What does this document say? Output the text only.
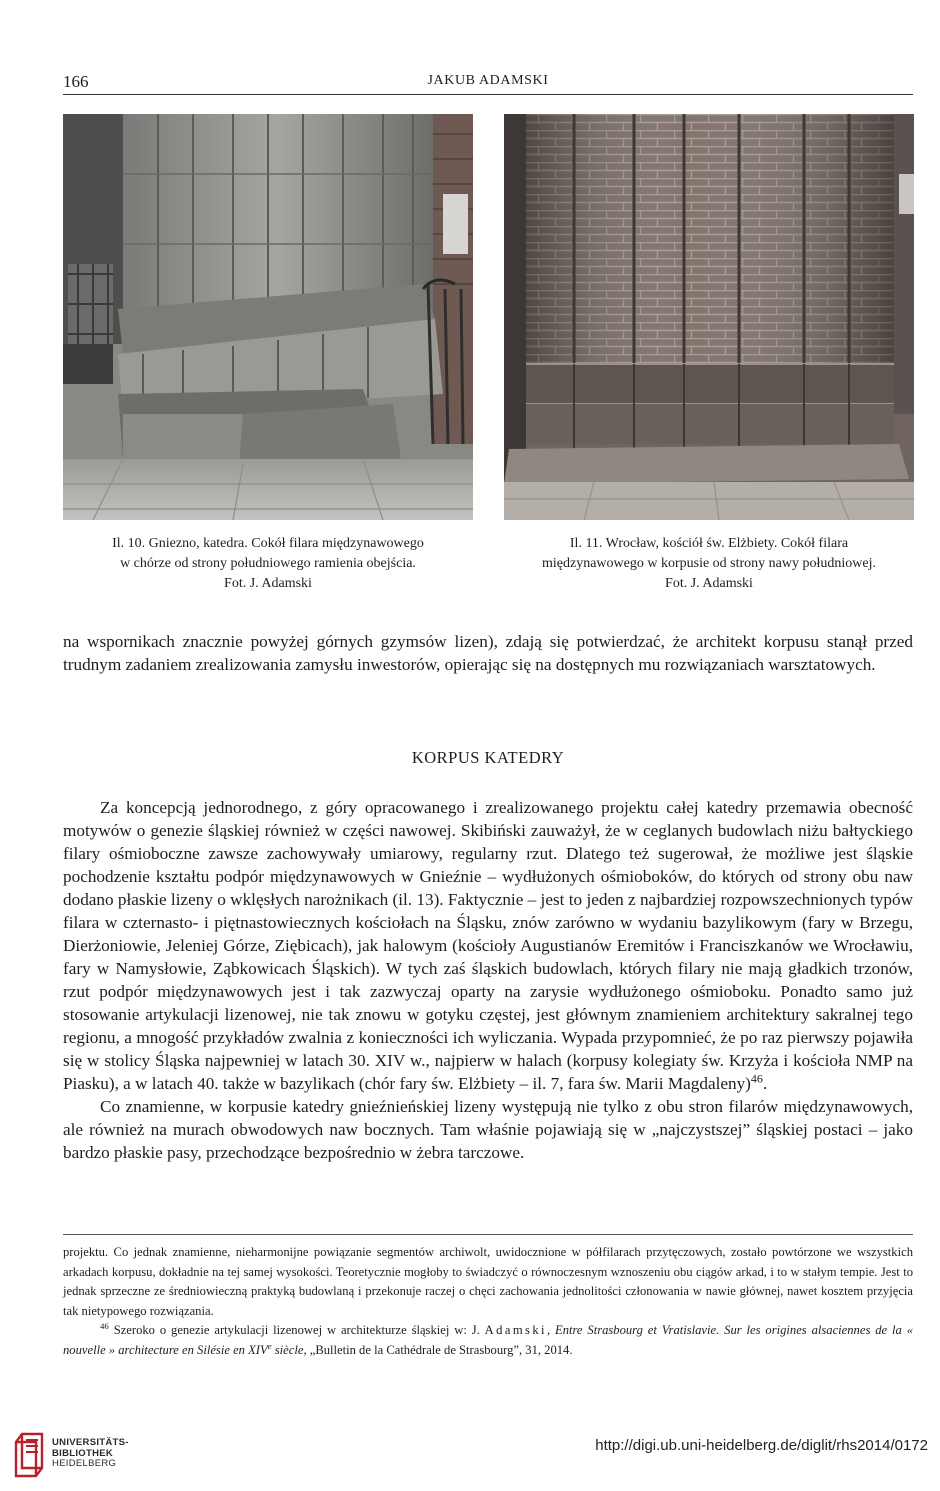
166	JAKUB ADAMSKI

Il. 10. Gniezno, katedra. Cokół filara międzynawowego

w chórze od strony południowego ramienia obejścia.

Fot. J. Adamski

Il. 11. Wrocław, kościół św. Elżbiety. Cokół filara

międzynawowego w korpusie od strony nawy południowej.

Fot. J. Adamski

na wspornikach znacznie powyżej górnych gzymsów lizen), zdają się potwierdzać, że architekt korpusu stanął przed trudnym zadaniem zrealizowania zamysłu inwestorów, opierając się na dostępnych mu rozwiązaniach warsztatowych.

KORPUS KATEDRY

Za koncepcją jednorodnego, z góry opracowanego i zrealizowanego projektu całej katedry przemawia obecność motywów o genezie śląskiej również w części nawowej. Skibiński zauważył, że w ceglanych budowlach niżu bałtyckiego filary ośmioboczne zawsze zachowywały umiarowy, regularny rzut. Dlatego też sugerował, że możliwe jest śląskie pochodzenie kształtu podpór międzynawowych w Gnieźnie – wydłużonych ośmioboków, do których od strony obu naw dodano płaskie lizeny o wklęsłych narożnikach (il. 13). Faktycznie – jest to jeden z najbardziej rozpowszechnionych typów filara w czternasto- i piętnastowiecznych kościołach na Śląsku, znów zarówno w wydaniu bazylikowym (fary w Brzegu, Dierżoniowie, Jeleniej Górze, Ziębicach), jak halowym (kościoły Augustianów Eremitów i Franciszkanów we Wrocławiu, fary w Namysłowie, Ząbkowicach Śląskich). W tych zaś śląskich budowlach, których filary nie mają gładkich trzonów, rzut podpór międzynawowych jest i tak zazwyczaj oparty na zarysie wydłużonego ośmioboku. Ponadto samo już stosowanie artykulacji lizenowej, nie tak znowu w gotyku częstej, jest głównym znamieniem architektury sakralnej tego regionu, a mnogość przykładów zwalnia z konieczności ich wyliczania. Wypada przypomnieć, że po raz pierwszy pojawiła się w stolicy Śląska najpewniej w latach 30. XIV w., najpierw w halach (korpusy kolegiaty św. Krzyża i kościoła NMP na Piasku), a w latach 40. także w bazylikach (chór fary św. Elżbiety – il. 7, fara św. Marii Magdaleny)$^{46}$.

Co znamienne, w korpusie katedry gnieźnieńskiej lizeny występują nie tylko z obu stron filarów międzynawowych, ale również na murach obwodowych naw bocznych. Tam właśnie pojawiają się w „najczystszej” śląskiej postaci – jako bardzo płaskie pasy, przechodzące bezpośrednio w żebra tarczowe.

projektu. Co jednak znamienne, nieharmonijne powiązanie segmentów archiwolt, uwidocznione w półfilarach przytęczowych, zostało powtórzone we wszystkich arkadach korpusu, dokładnie na tej samej wysokości. Teoretycznie mogłoby to świadczyć o równoczesnym wznoszeniu obu ciągów arkad, i to w stałym tempie. Jest to jednak sprzeczne ze średniowieczną praktyką budowlaną i przekonuje raczej o chęci zachowania jednolitości członowania w nawie głównej, nawet kosztem przyjęcia tak nietypowego rozwiązania.

$^{46}$ Szeroko o genezie artykulacji lizenowej w architekturze śląskiej w: J. Adamski, Entre Strasbourg et Vratislavie. Sur les origines alsaciennes de la « nouvelle » architecture en Silésie en XIVe siècle, „Bulletin de la Cathédrale de Strasbourg”, 31, 2014.

UNIVERSITÄTS-
BIBLIOTHEK
HEIDELBERG
http://digi.ub.uni-heidelberg.de/diglit/rhs2014/0172
